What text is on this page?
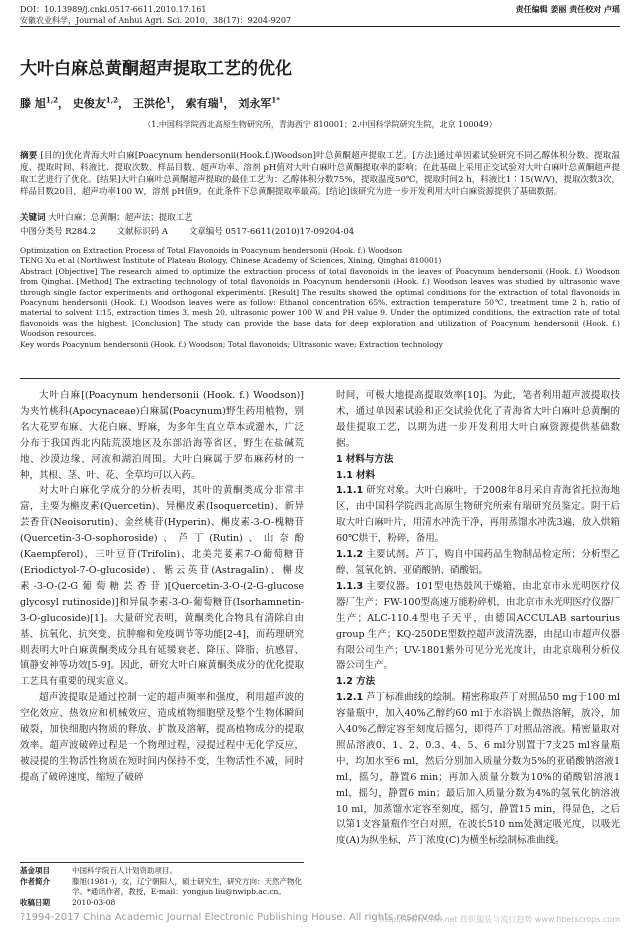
DOI：10.13989/j.cnki.0517-6611.2010.17.161
安徽农业科学，Journal of Anhui Agri. Sci. 2010，38(17)：9204-9207
责任编辑 姜丽 责任校对 卢瑶
大叶白麻总黄酮超声提取工艺的优化
滕 旭$^{1,2}$， 史俊友$^{1,2}$， 王洪伦$^1$， 索有瑞$^1$， 刘永军$^{1*}$
（1.中国科学院西北高原生物研究所，青海西宁 810001；2.中国科学院研究生院，北京 100049）
摘要 [目的]优化青海大叶白麻[Poacynum hendersonii(Hook.f.)Woodson]叶总黄酮超声提取工艺。[方法]通过单因素试验研究不同乙醇体积分数、提取温度、提取时间、料液比、提取次数、样品目数、超声功率、溶剂 pH值对大叶白麻叶总黄酮提取率的影响；在此基础上采用正交试验对大叶白麻叶总黄酮超声提取工艺进行了优化。[结果]大叶白麻叶总黄酮超声提取的最佳工艺为：乙醇体积分数75%，提取温度50℃，提取时间2 h，料液比1∶15(W/V)，提取次数3次，样品目数20目，超声功率100 W，溶剂 pH值9。在此条件下总黄酮提取率最高。[结论]该研究为进一步开发利用大叶白麻资源提供了基础数据。
关键词 大叶白麻；总黄酮；超声法；提取工艺
中图分类号 R284.2 文献标识码 A 文章编号 0517-6611(2010)17-09204-04

Optimization on Extraction Process of Total Flavonoids in Poacynum hendersonii (Hook. f.) Woodson

TENG Xu et al (Northwest Institute of Plateau Biology, Chinese Academy of Sciences, Xining, Qinghai 810001)

Abstract [Objective] The research aimed to optimize the extraction process of total flavonoids in the leaves of Poacynum hendersonii (Hook. f.) Woodson from Qinghai. [Method] The extracting technology of total flavonoids in Poacynum hendersonii (Hook. f.) Woodson leaves was studied by ultrasonic wave through single factor experiments and orthogonal experiments. [Result] The results showed the optimal conditions for the extraction of total flavonoids in Poacynum hendersonii (Hook. f.) Woodson leaves were as follow: Ethanol concentration 65%, extraction temperature 50℃, treatment time 2 h, ratio of material to solvent 1∶15, extraction times 3, mesh 20, ultrasonic power 100 W and PH value 9. Under the optimized conditions, the extraction rate of total flavonoids was the highest. [Conclusion] The study can provide the base data for deep exploration and utilization of Poacynum hendersonii (Hook. f.) Woodson resources.

Key words Poacynum hendersonii (Hook. f.) Woodson; Total flavonoids; Ultrasonic wave; Extraction technology

大叶白麻[(Poacynum hendersonii (Hook. f.) Woodson)]为夹竹桃科(Apocynaceae)白麻属(Poacynum)野生药用植物，别名大花罗布麻、大花白麻、野麻，为多年生直立草本或灌木，广泛分布于我国西北内陆荒漠地区及东部沿海等省区，野生在盐碱荒地、沙漠边缘、河流和湖泊周围。大叶白麻属于罗布麻药材的一种，其根、茎、叶、花、全草均可以入药。

对大叶白麻化学成分的分析表明，其叶的黄酮类成分非常丰富，主要为槲皮素(Quercetin)、异槲皮素(Isoquercetin)、新异芸香苷(Neoisorutin)、金丝桃苷(Hyperin)、槲皮素-3-O-槐糖苷(Quercetin-3-O-sophoroside)、芦丁(Rutin)、山奈酚(Kaempferol)、三叶豆苷(Trifolin)、北美芫荽素7-O葡萄糖苷(Eriodictyol-7-O-glucoside)、紫云英苷(Astragalin)、槲皮素-3-O-(2-G葡萄糖芸香苷)[Quercetin-3-O-(2-G-glucose glycosyl rutinoside)]和异鼠李素-3-O-葡萄糖苷(Isorhamnetin-3-O-glucoside)[1]。大量研究表明，黄酮类化合物具有清除自由基、抗氧化、抗突变、抗肿瘤和免疫调节等功能[2-4]，而药理研究则表明大叶白麻黄酮类成分具有延缓衰老、降压、降脂、抗感冒、镇静安神等功效[5-9]。因此，研究大叶白麻黄酮类成分的优化提取工艺具有重要的现实意义。

超声波提取是通过控制一定的超声频率和强度，利用超声波的空化效应、热效应和机械效应，造成植物细胞壁及整个生物体瞬间破裂，加快细胞内物质的释放、扩散及溶解，提高植物成分的提取效率。超声波破碎过程是一个物理过程，浸提过程中无化学反应，被浸提的生物活性物质在短时间内保持不变，生物活性不减，同时提高了破碎速度，缩短了破碎

时间，可极大地提高提取效率[10]。为此，笔者利用超声波提取技术，通过单因素试验和正交试验优化了青海省大叶白麻叶总黄酮的最佳提取工艺，以期为进一步开发利用大叶白麻资源提供基础数据。

1 材料与方法
1.1 材料

1.1.1 研究对象。大叶白麻叶，于2008年8月采自青海省托拉海地区，由中国科学院西北高原生物研究所索有瑞研究员鉴定。阴干后取大叶白麻叶片，用清水冲洗干净，再用蒸馏水冲洗3遍，放入烘箱60℃烘干，粉碎，备用。

1.1.2 主要试剂。芦丁，购自中国药品生物制品检定所；分析型乙醇、氢氧化钠、亚硝酸钠、硝酸铝。

1.1.3 主要仪器。101型电热鼓风干燥箱，由北京市永光明医疗仪器厂生产；FW-100型高速万能粉碎机，由北京市永光明医疗仪器厂生产；ALC-110.4型电子天平，由德国ACCULAB sartourius group 生产；KQ-250DE型数控超声波清洗器，由昆山市超声仪器有限公司生产；UV-1801紫外可见分光光度计，由北京瑞利分析仪器公司生产。

1.2 方法

1.2.1 芦丁标准曲线的绘制。精密称取芦丁对照品50 mg于100 ml容量瓶中，加入40%乙醇约60 ml于水浴锅上微热溶解，放冷，加入40%乙醇定容至刻度后摇匀，即得芦丁对照品溶液。精密量取对照品溶液0、1、2、0.3、4、5、6 ml分别置于7支25 ml容量瓶中，均加水至6 ml，然后分别加入质量分数为5%的亚硝酸钠溶液1 ml，摇匀，静置6 min；再加入质量分数为10%的硝酸铝溶液1 ml，摇匀，静置6 min；最后加入质量分数为4%的氢氧化钠溶液10 ml，加蒸馏水定容至刻度，摇匀，静置15 min，得显色，之后以第1支容量瓶作空白对照，在波长510 nm处测定吸光度，以吸光度(A)为纵坐标，芦丁浓度(C)为横坐标绘制标准曲线。

基金项目	中国科学院百人计划资助项目。
作者简介	滕旭(1981-)，女，辽宁朝阳人，硕士研究生，研究方向：天然产物化学。*通讯作者，教授，E-mail：yongjun liu@nwipb.ac.cn。
收稿日期	2010-03-08
?1994-2017 China Academic Journal Electronic Publishing House. All rights reserved.
http://www.cnki.net 纺织服装与流行趋势 www.fiberscrops.com
